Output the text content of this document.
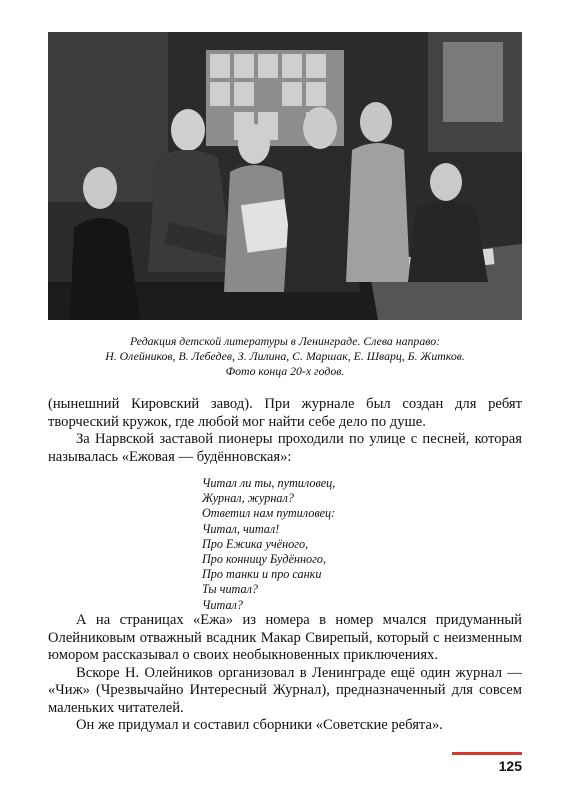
Редакция детской литературы в Ленинграде. Слева направо:
Н. Олейников, В. Лебедев, З. Лилина, С. Маршак, Е. Шварц, Б. Житков.
Фото конца 20-х годов.

(нынешний Кировский завод). При журнале был создан для ребят творческий кружок, где любой мог найти себе дело по душе.

За Нарвской заставой пионеры проходили по улице с песней, которая называлась «Ежовая — будённовская»:

Читал ли ты, путиловец,
Журнал, журнал?
Ответил нам путиловец:
Читал, читал!
Про Ежика учёного,
Про конницу Будённого,
Про танки и про санки
Ты читал?
Читал?

А на страницах «Ежа» из номера в номер мчался придуманный Олейниковым отважный всадник Макар Свирепый, который с неизменным юмором рассказывал о своих необыкновенных приключениях.

Вскоре Н. Олейников организовал в Ленинграде ещё один журнал — «Чиж» (Чрезвычайно Интересный Журнал), предназначенный для совсем маленьких читателей.

Он же придумал и составил сборники «Советские ребята».

125
